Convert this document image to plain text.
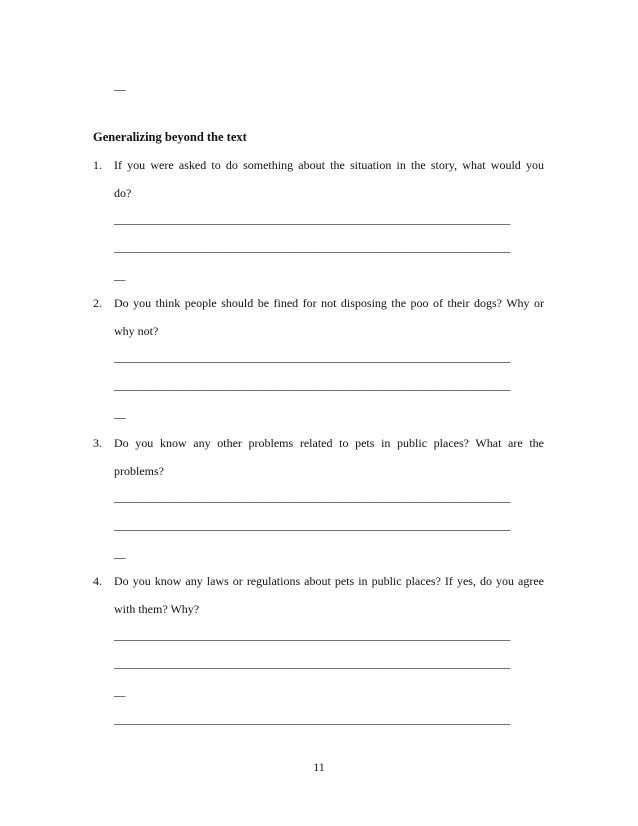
__
Generalizing beyond the text
1.	If you were asked to do something about the situation in the story, what would you
do?
________________________________________________________________________
________________________________________________________________________
__
2.	Do you think people should be fined for not disposing the poo of their dogs? Why or
why not?
________________________________________________________________________
________________________________________________________________________
__
3.	Do you know any other problems related to pets in public places? What are the
problems?
________________________________________________________________________
________________________________________________________________________
__
4.	Do you know any laws or regulations about pets in public places? If yes, do you agree
with them? Why?
________________________________________________________________________
________________________________________________________________________
__
________________________________________________________________________
11
